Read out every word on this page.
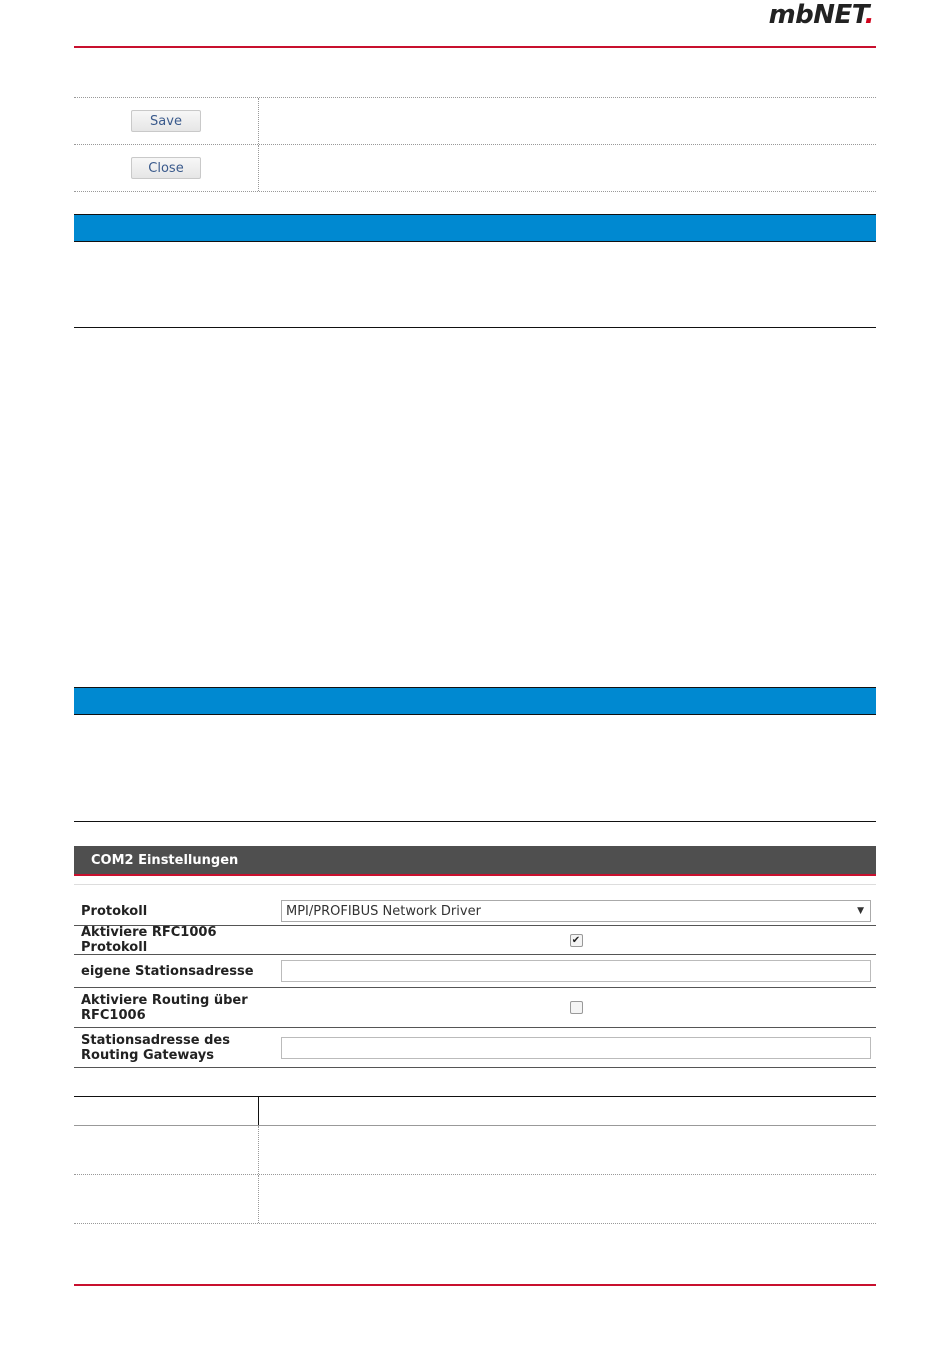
mbNET.
Save
Close
COM2 Einstellungen
Protokoll	MPI/PROFIBUS Network Driver	▼
Aktiviere RFC1006 Protokoll	✔
eigene Stationsadresse
Aktiviere Routing über RFC1006
Stationsadresse des Routing Gateways
